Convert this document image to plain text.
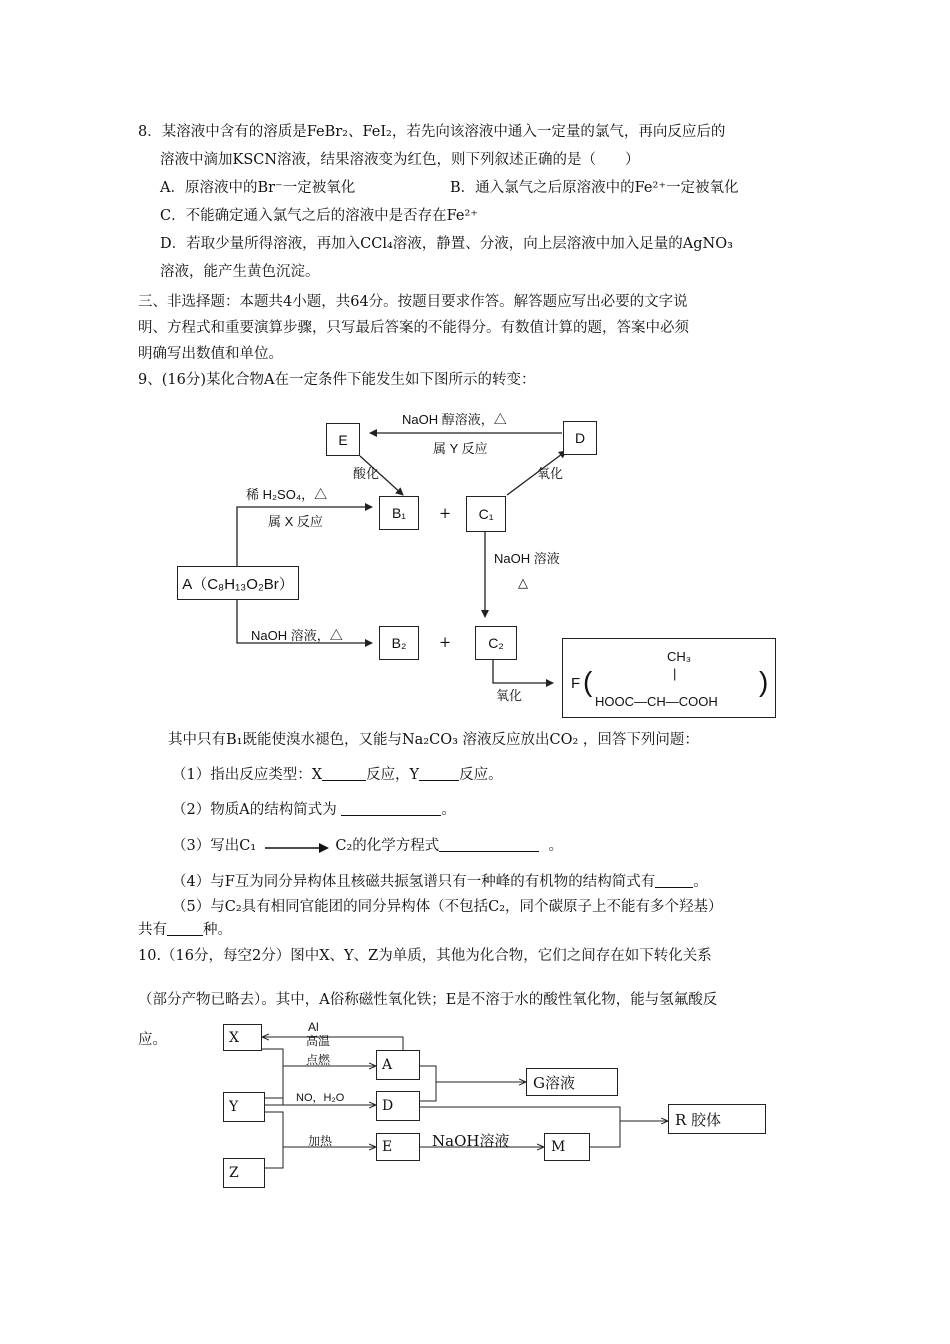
8．某溶液中含有的溶质是FeBr₂、FeI₂，若先向该溶液中通入一定量的氯气，再向反应后的
溶液中滴加KSCN溶液，结果溶液变为红色，则下列叙述正确的是（　　）
A．原溶液中的Br⁻一定被氧化	B．通入氯气之后原溶液中的Fe²⁺一定被氧化
C．不能确定通入氯气之后的溶液中是否存在Fe²⁺
D．若取少量所得溶液，再加入CCl₄溶液，静置、分液，向上层溶液中加入足量的AgNO₃
溶液，能产生黄色沉淀。
三、非选择题：本题共4小题，共64分。按题目要求作答。解答题应写出必要的文字说
明、方程式和重要演算步骤，只写最后答案的不能得分。有数值计算的题，答案中必须
明确写出数值和单位。
9、(16分)某化合物A在一定条件下能发生如下图所示的转变：
E	D
B₁	C₁
A（C₈H₁₃O₂Br）
B₂	C₂
+
+
NaOH 醇溶液，△
属 Y 反应
酸化	氧化
稀 H₂SO₄，△
属 X 反应
NaOH 溶液
△
NaOH 溶液，△
氧化
F (
CH₃
|
HOOC—CH—COOH
)
其中只有B₁既能使溴水褪色，又能与Na₂CO₃ 溶液反应放出CO₂ ，回答下列问题：
（1）指出反应类型：X	反应，Y	反应。
（2）物质A的结构简式为	。
（3）写出C₁	C₂的化学方程式	。
（4）与F互为同分异构体且核磁共振氢谱只有一种峰的有机物的结构简式有	。
（5）与C₂具有相同官能团的同分异构体（不包括C₂，同个碳原子上不能有多个羟基）
共有 种。
10.（16分，每空2分）图中X、Y、Z为单质，其他为化合物，它们之间存在如下转化关系
（部分产物已略去）。其中，A俗称磁性氧化铁；E是不溶于水的酸性氧化物，能与氢氟酸反
应。	X
Y
Z
A
D
E
G溶液
M
R 胶体
Al
高温
点燃
NO，H₂O
加热	NaOH溶液
